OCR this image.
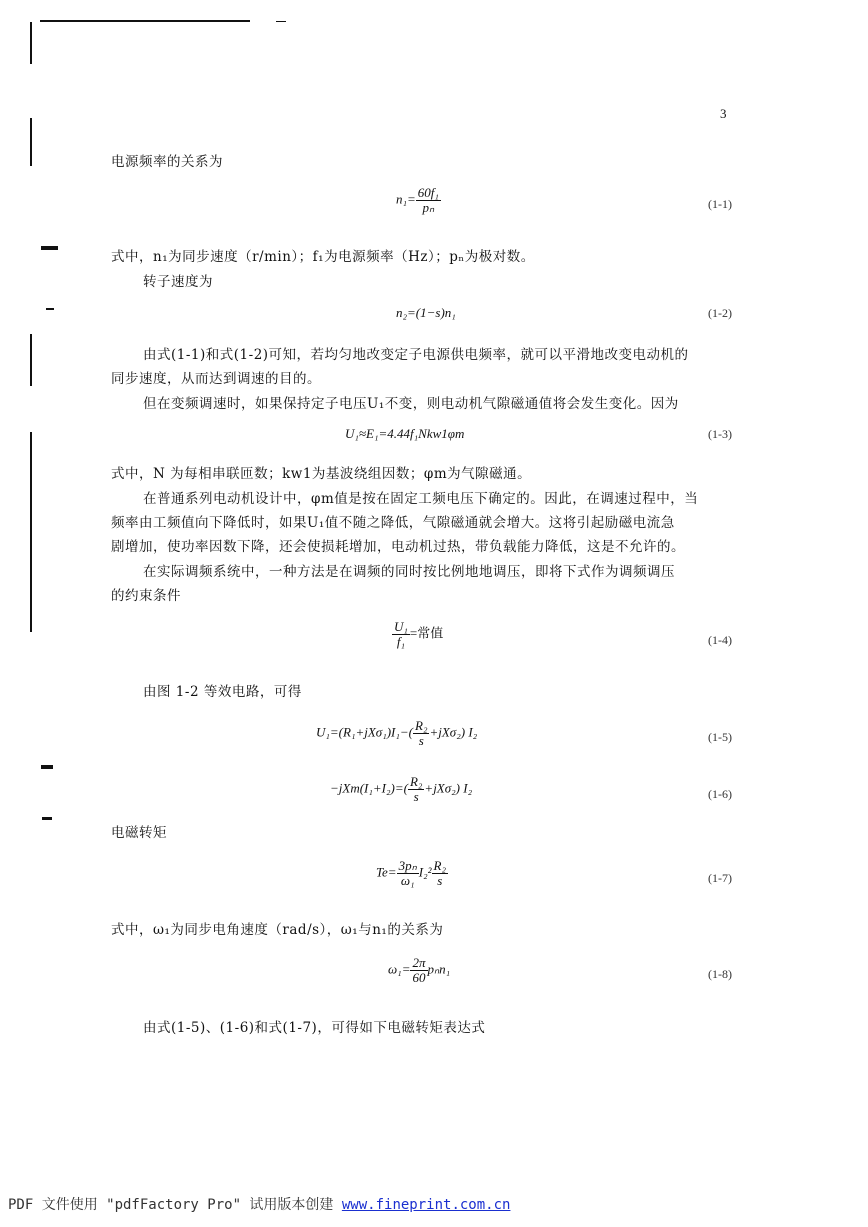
3
电源频率的关系为
$n_1= \frac{\text{60f₁}}{\text{pₙ}}$	(1-1)
式中，n₁为同步速度（r/min）；f₁为电源频率（Hz）；pₙ为极对数。
转子速度为
n₂=(1−s)n₁	(1-2)
由式(1-1)和式(1-2)可知，若均匀地改变定子电源供电频率，就可以平滑地改变电动机的
同步速度，从而达到调速的目的。
但在变频调速时，如果保持定子电压U₁不变，则电动机气隙磁通值将会发生变化。因为
U₁≈E₁=4.44f₁Nkw1φm	(1-3)
式中，N 为每相串联匝数；kw1为基波绕组因数；φm为气隙磁通。
在普通系列电动机设计中，φm值是按在固定工频电压下确定的。因此，在调速过程中，当
频率由工频值向下降低时，如果U₁值不随之降低，气隙磁通就会增大。这将引起励磁电流急
剧增加，使功率因数下降，还会使损耗增加，电动机过热，带负载能力降低，这是不允许的。
在实际调频系统中，一种方法是在调频的同时按比例地地调压，即将下式作为调频调压
的约束条件
$\frac{\text{U₁}}{\text{f₁}}$ =常值	(1-4)
由图 1-2 等效电路，可得
$U_1=(R_1+jX\sigma_1)I_1-( \frac{\text{R₂}}{s} +jX\sigma_2)$ I₂	(1-5)
$-jXm(I_1+I_2)=( \frac{\text{R₂}}{s} +jX\sigma_2)$ I₂	(1-6)
电磁转矩
$Te= \frac{\text{3pₙ}}{\text{ω₁}} I_2^2 \frac{\text{R₂}}{s}$	(1-7)
式中，ω₁为同步电角速度（rad/s），ω₁与n₁的关系为
$\omega_1= \frac{2\pi}{60} p_nn_1$	(1-8)
由式(1-5)、(1-6)和式(1-7)，可得如下电磁转矩表达式
PDF 文件使用 "pdfFactory Pro" 试用版本创建 www.fineprint.com.cn
